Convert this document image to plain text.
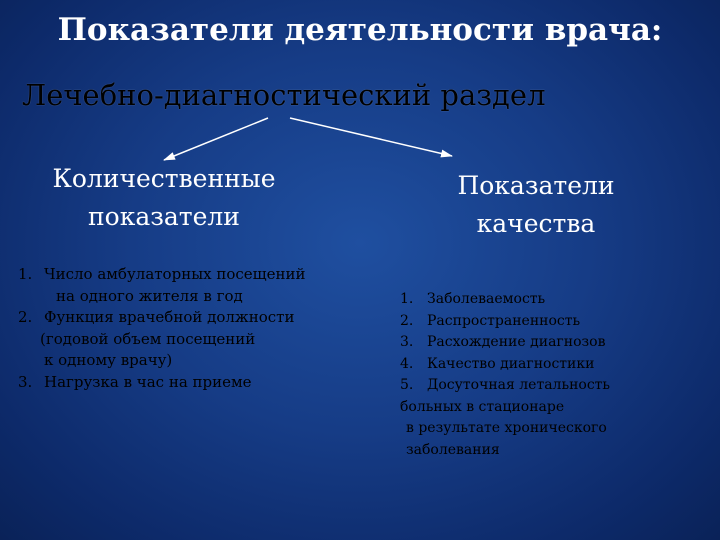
Показатели деятельности врача:
Лечебно-диагностический раздел
Количественные
показатели
Показатели
качества
1. Число амбулаторных посещений
на одного жителя в год
2. Функция врачебной должности
(годовой объем посещений
к одному врачу)
3. Нагрузка в час на приеме
1. Заболеваемость
2. Распространенность
3. Расхождение диагнозов
4. Качество диагностики
5. Досуточная летальность
больных в стационаре
в результате хронического
заболевания
